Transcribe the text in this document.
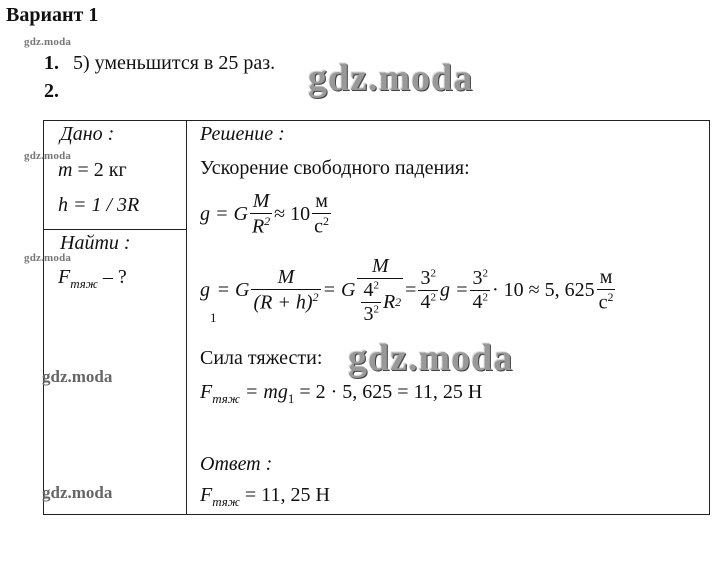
Вариант 1
gdz.moda
1. 5) уменьшится в 25 раз.
2.	gdz.moda
Дано :
gdz.moda
m = 2 кг
h = 1 / 3R
Найти :
gdz.moda
$F_{тяж}$ – ?
gdz.moda
gdz.moda
Решение :
Ускорение свободного падения:
g = G $\frac{M}{R^2} \approx 10 \frac{м}{с^2}$
g
1
= G $\frac{M}{(R + h)^2} = G \frac{M}{\frac{4^2}{3^2} R 2} = \frac{3^2}{4^2}$ $g = \frac{3^2}{4^2} \cdot 10 \approx 5$, $625 \frac{м}{с^2}$
Сила тяжести: gdz.moda
$F_{тяж} = mg_1 = 2 \cdot 5$, 625 = 11, 25 Н
Ответ :
$F_{тяж} = 11$, 25 Н
